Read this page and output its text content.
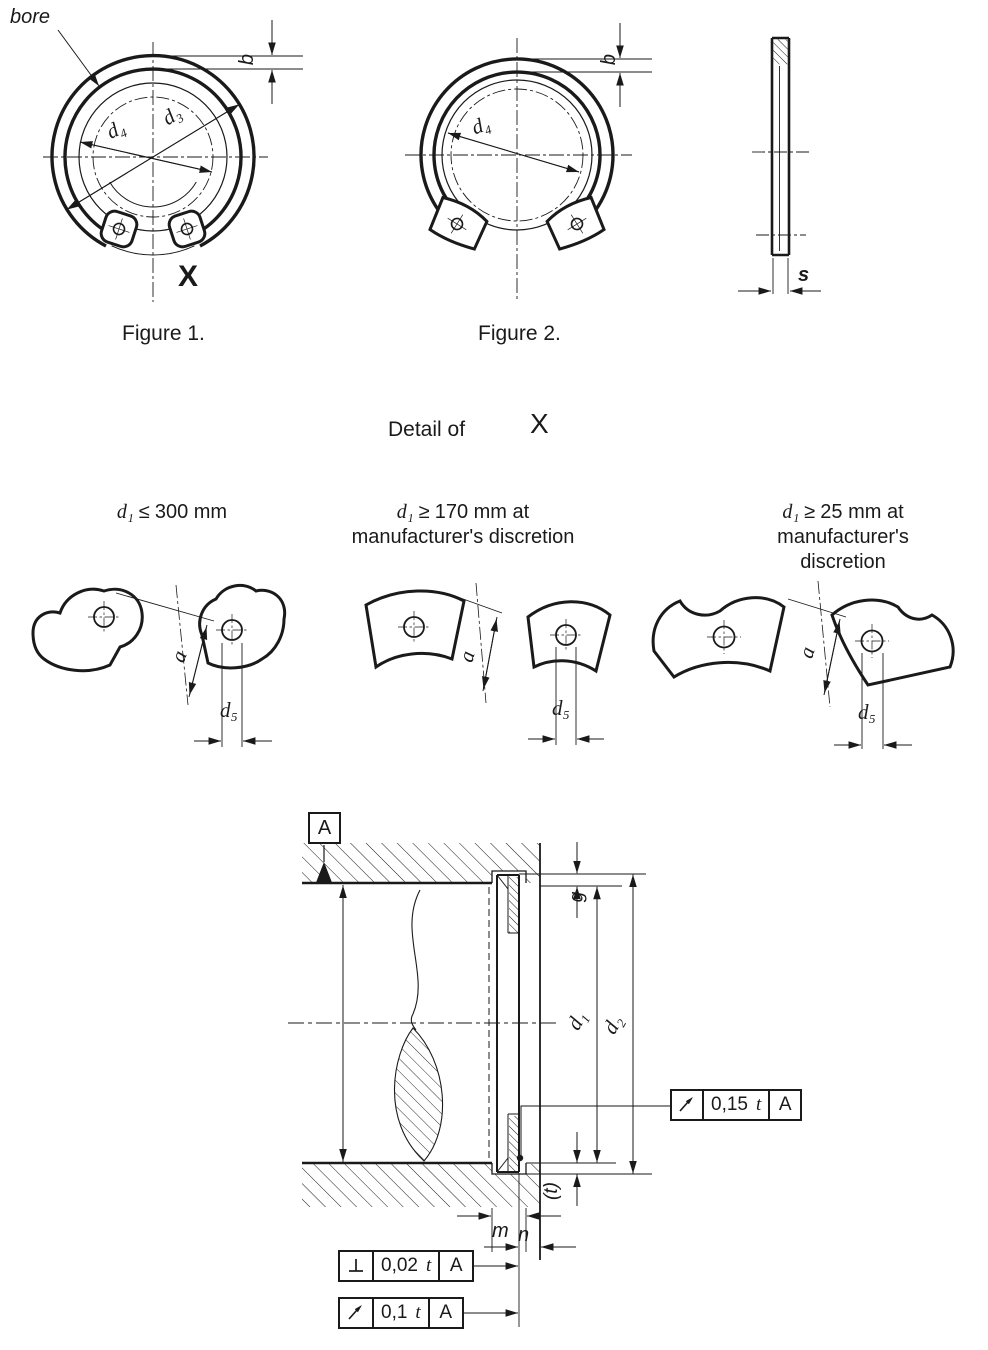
bore
b
d₃
d₄
X
Figure 1.
b
d₄
Figure 2.
s
Detail of X
d₁ ≤ 300 mm	d₁ ≥ 170 mm at
manufacturer's discretion
d₁ ≥ 25 mm at
manufacturer's discretion
a
d₅
a
d₅
a
d₅
A
g
d₁ d₂
(t)
m n
0,15 t A
0,02 t A
0,1 t A
